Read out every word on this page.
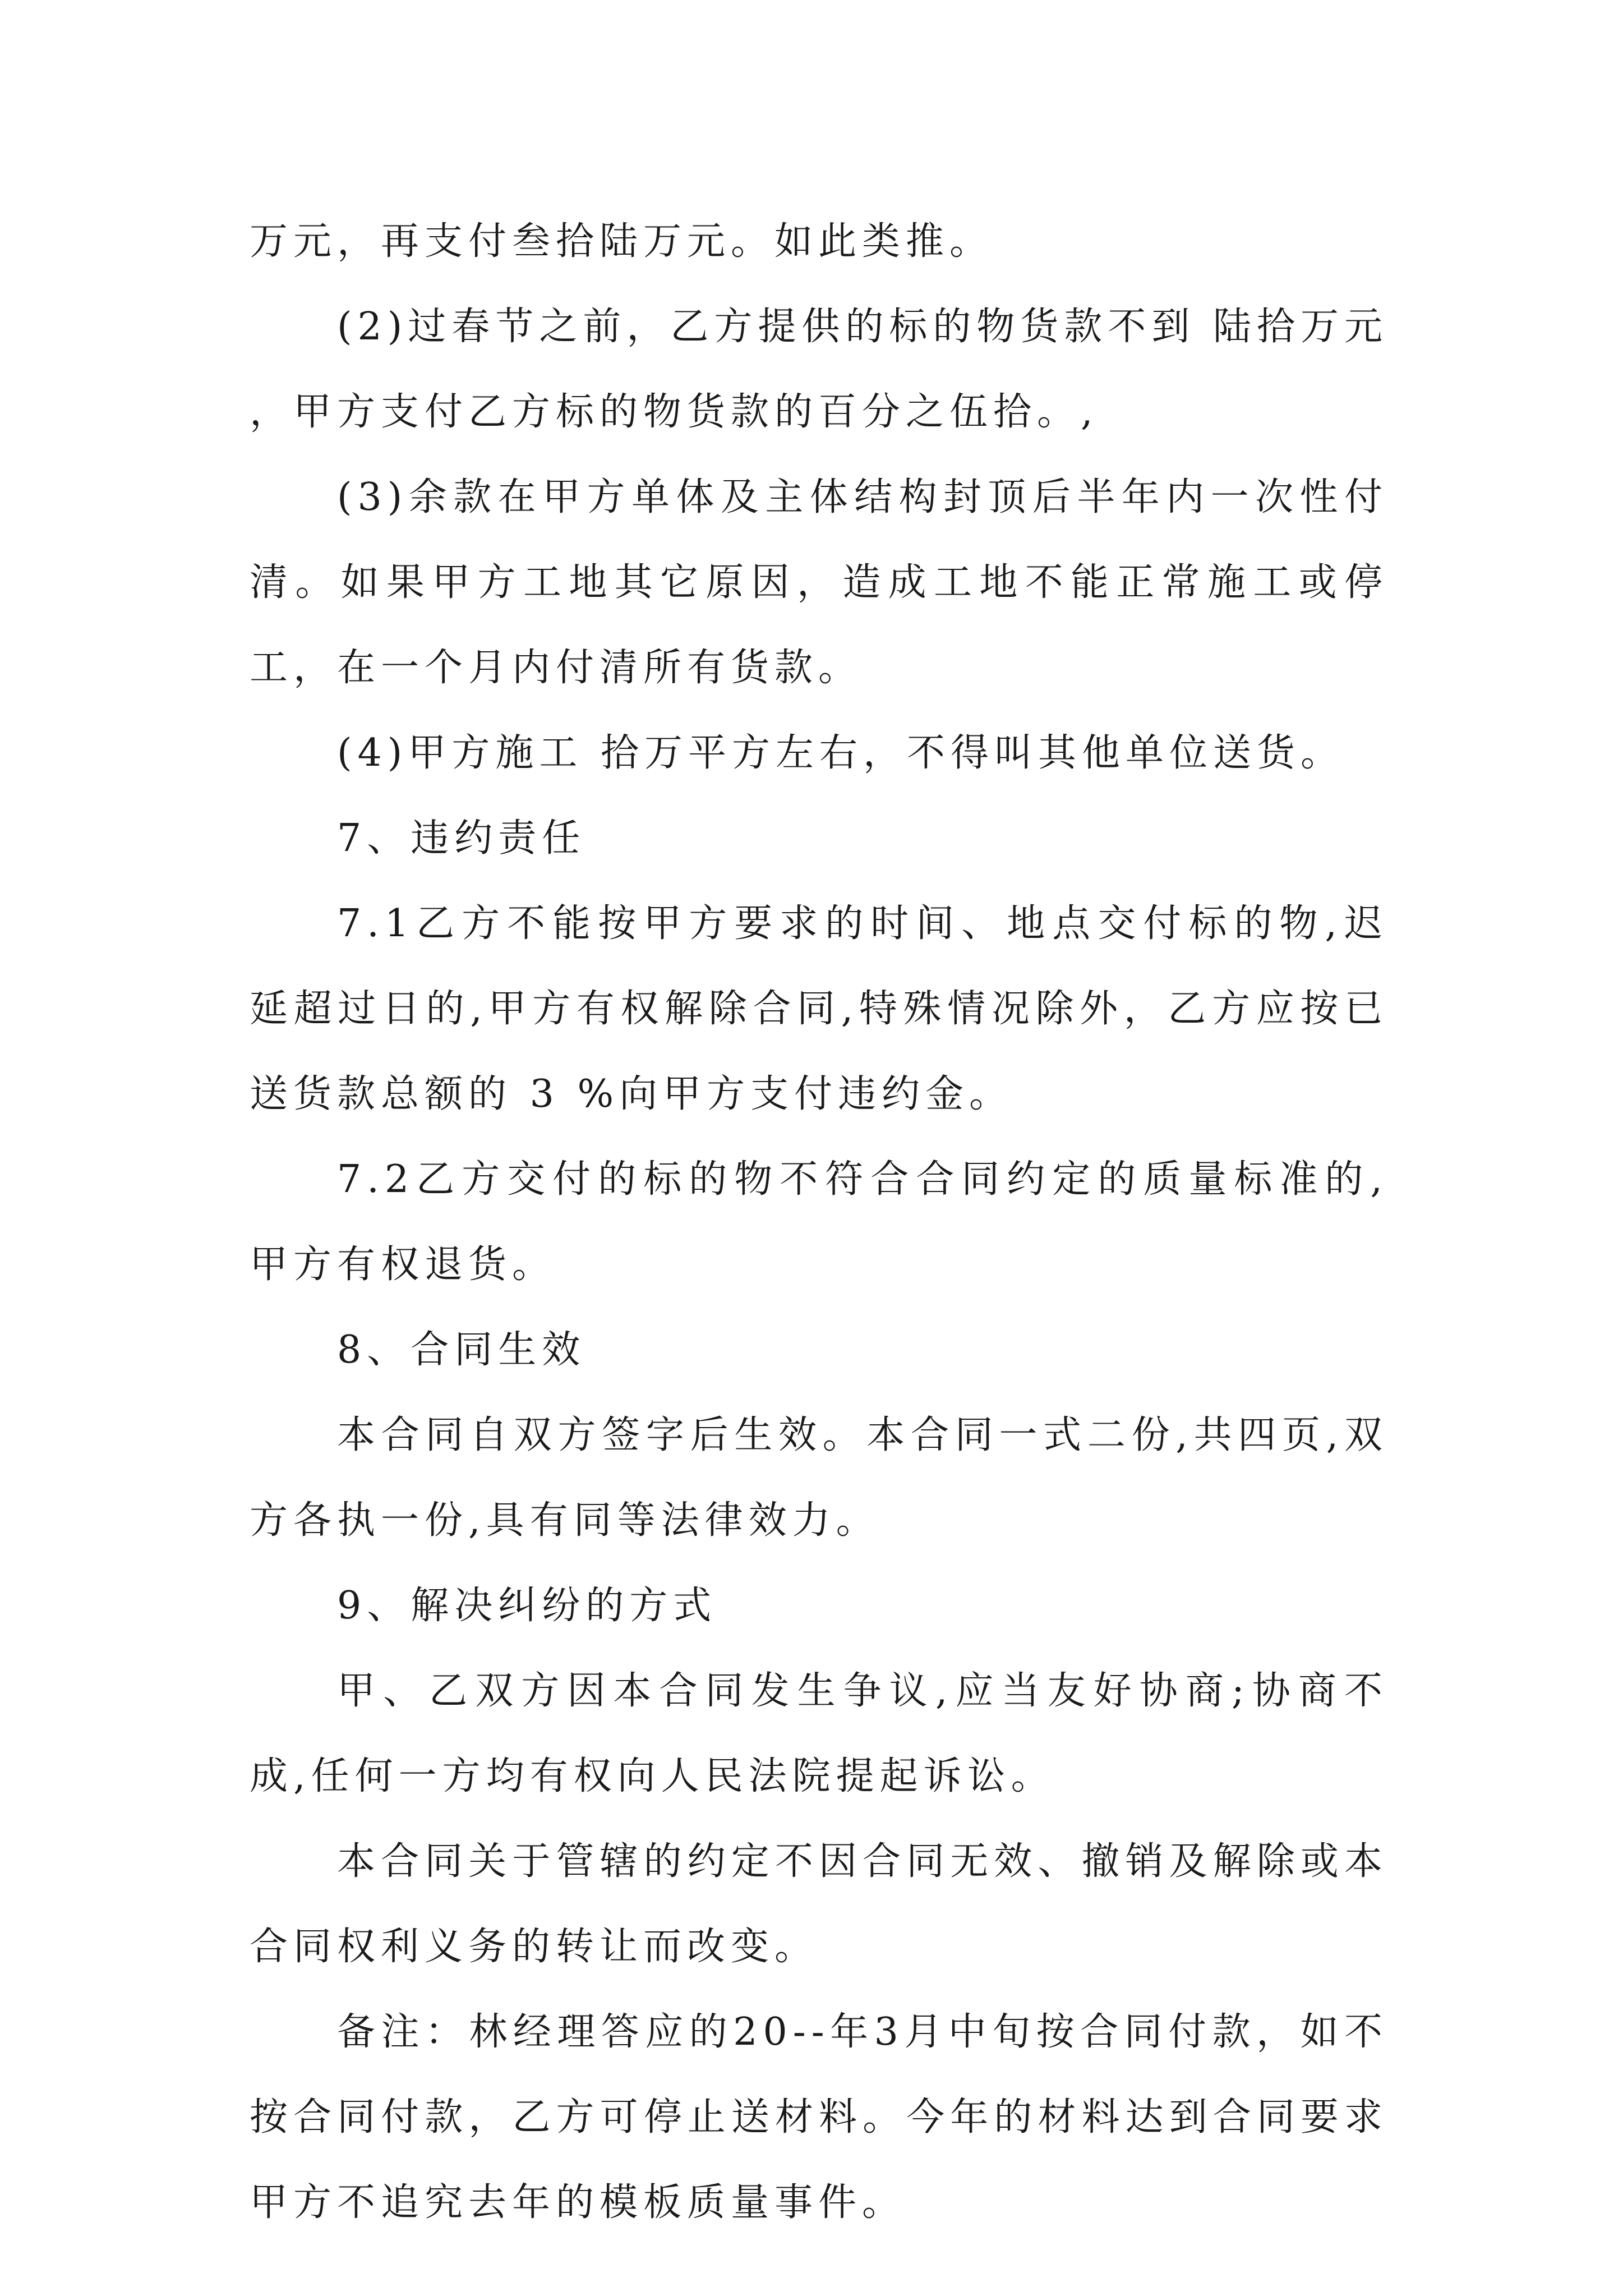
万元，再支付叁拾陆万元。如此类推。

(2)过春节之前，乙方提供的标的物货款不到 陆拾万元 ，甲方支付乙方标的物货款的百分之伍拾。,

(3)余款在甲方单体及主体结构封顶后半年内一次性付清。如果甲方工地其它原因，造成工地不能正常施工或停工，在一个月内付清所有货款。

(4)甲方施工 拾万平方左右，不得叫其他单位送货。

7、违约责任

7.1乙方不能按甲方要求的时间、地点交付标的物,迟延超过日的,甲方有权解除合同,特殊情况除外，乙方应按已送货款总额的 3 %向甲方支付违约金。

7.2乙方交付的标的物不符合合同约定的质量标准的,甲方有权退货。

8、合同生效

本合同自双方签字后生效。本合同一式二份,共四页,双方各执一份,具有同等法律效力。

9、解决纠纷的方式

甲、乙双方因本合同发生争议,应当友好协商;协商不成,任何一方均有权向人民法院提起诉讼。

本合同关于管辖的约定不因合同无效、撤销及解除或本合同权利义务的转让而改变。

备注：林经理答应的20--年3月中旬按合同付款，如不按合同付款，乙方可停止送材料。今年的材料达到合同要求甲方不追究去年的模板质量事件。
